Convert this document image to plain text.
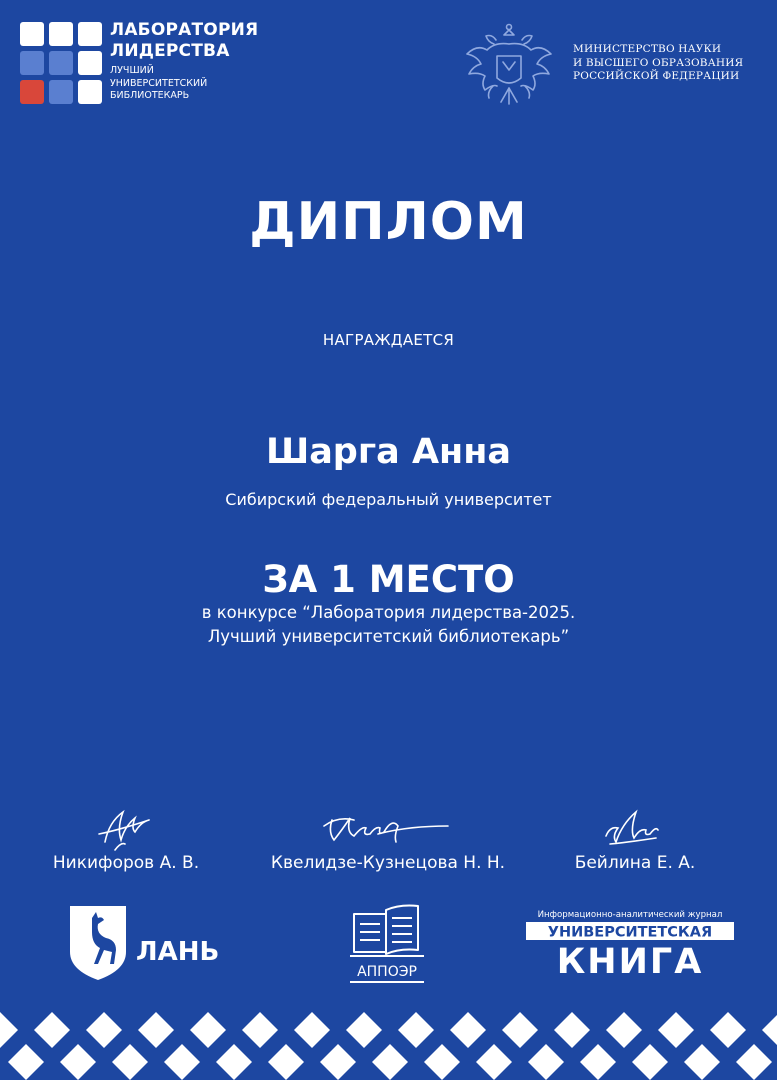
ЛАБОРАТОРИЯ
ЛИДЕРСТВА
ЛУЧШИЙ
УНИВЕРСИТЕТСКИЙ
БИБЛИОТЕКАРЬ
МИНИСТЕРСТВО НАУКИ
И ВЫСШЕГО ОБРАЗОВАНИЯ
РОССИЙСКОЙ ФЕДЕРАЦИИ
ДИПЛОМ
НАГРАЖДАЕТСЯ
Шарга Анна
Сибирский федеральный университет
ЗА 1 МЕСТО
в конкурсе “Лаборатория лидерства-2025.
Лучший университетский библиотекарь”
Никифоров А. В.	Квелидзе-Кузнецова Н. Н.	Бейлина Е. А.
ЛАНЬ
АППОЭР
Информационно-аналитический журнал
УНИВЕРСИТЕТСКАЯ
КНИГА
